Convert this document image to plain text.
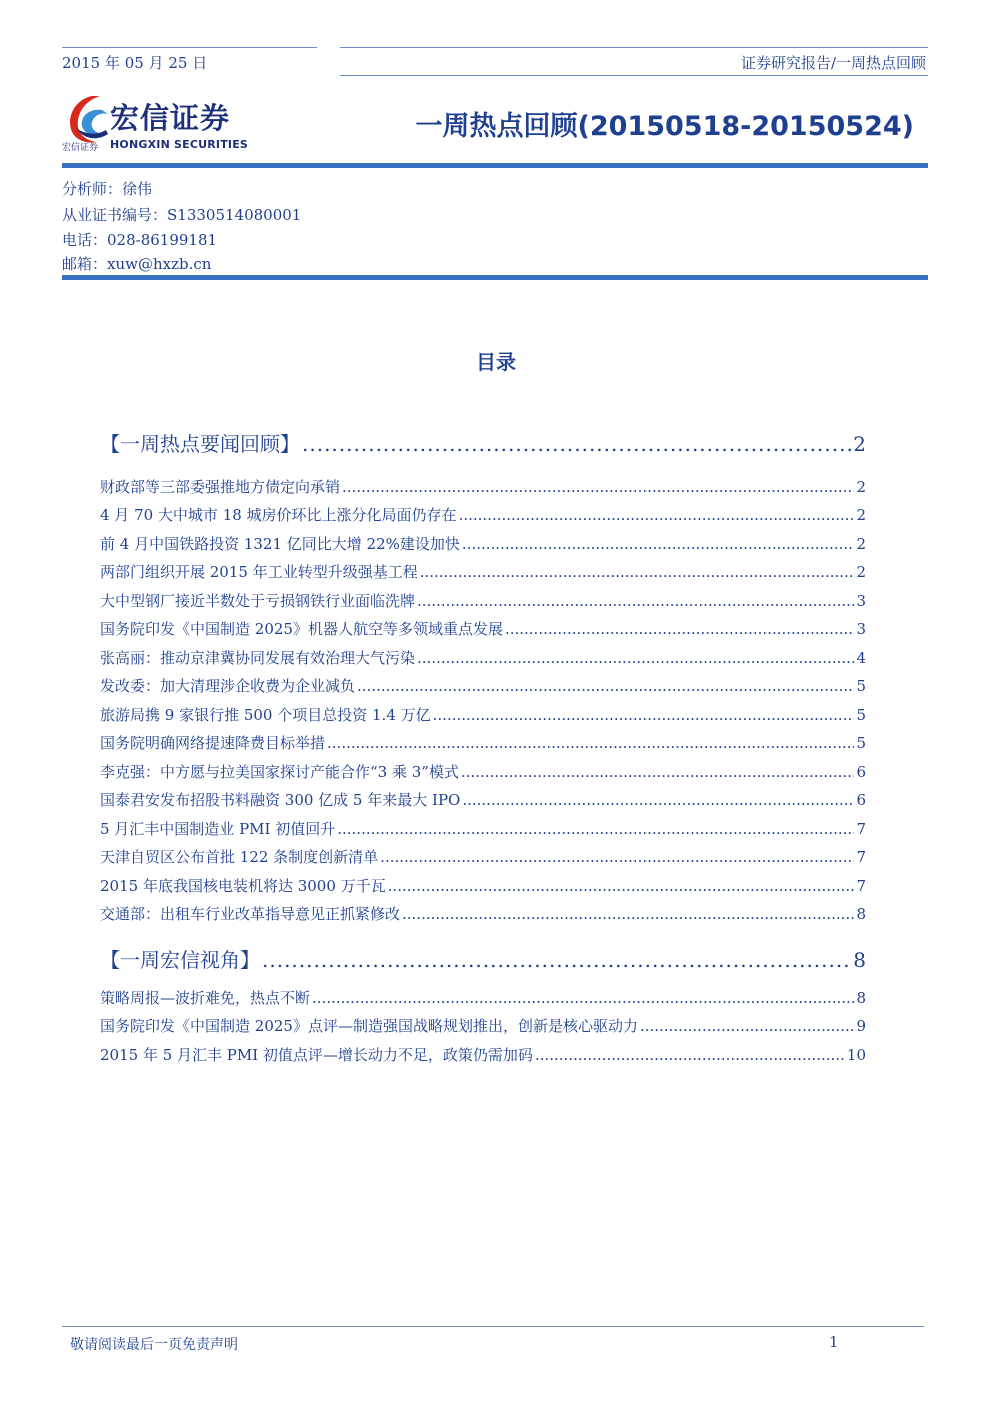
2015 年 05 月 25 日	证券研究报告/一周热点回顾
宏信证券
宏信证券 HONGXIN SECURITIES
一周热点回顾(20150518-20150524)
分析师：徐伟
从业证书编号：S1330514080001
电话：028-86199181
邮箱：xuw@hxzb.cn
目录
【一周热点要闻回顾】 .....	2
财政部等三部委强推地方债定向承销 .....	2
4 月 70 大中城市 18 城房价环比上涨分化局面仍存在 .....	2
前 4 月中国铁路投资 1321 亿同比大增 22%建设加快 .....	2
两部门组织开展 2015 年工业转型升级强基工程 .....	2
大中型钢厂接近半数处于亏损钢铁行业面临洗牌 .....	3
国务院印发《中国制造 2025》机器人航空等多领域重点发展 .....	3
张高丽：推动京津冀协同发展有效治理大气污染 .....	4
发改委：加大清理涉企收费为企业减负 .....	5
旅游局携 9 家银行推 500 个项目总投资 1.4 万亿 .....	5
国务院明确网络提速降费目标举措 .....	5
李克强：中方愿与拉美国家探讨产能合作“3 乘 3”模式 .....	6
国泰君安发布招股书料融资 300 亿成 5 年来最大 IPO .....	6
5 月汇丰中国制造业 PMI 初值回升 .....	7
天津自贸区公布首批 122 条制度创新清单 .....	7
2015 年底我国核电装机将达 3000 万千瓦 .....	7
交通部：出租车行业改革指导意见正抓紧修改 .....	8
【一周宏信视角】 .....	8
策略周报—波折难免，热点不断 .....	8
国务院印发《中国制造 2025》点评—制造强国战略规划推出，创新是核心驱动力 .....	9
2015 年 5 月汇丰 PMI 初值点评—增长动力不足，政策仍需加码 .....	10
敬请阅读最后一页免责声明	1
